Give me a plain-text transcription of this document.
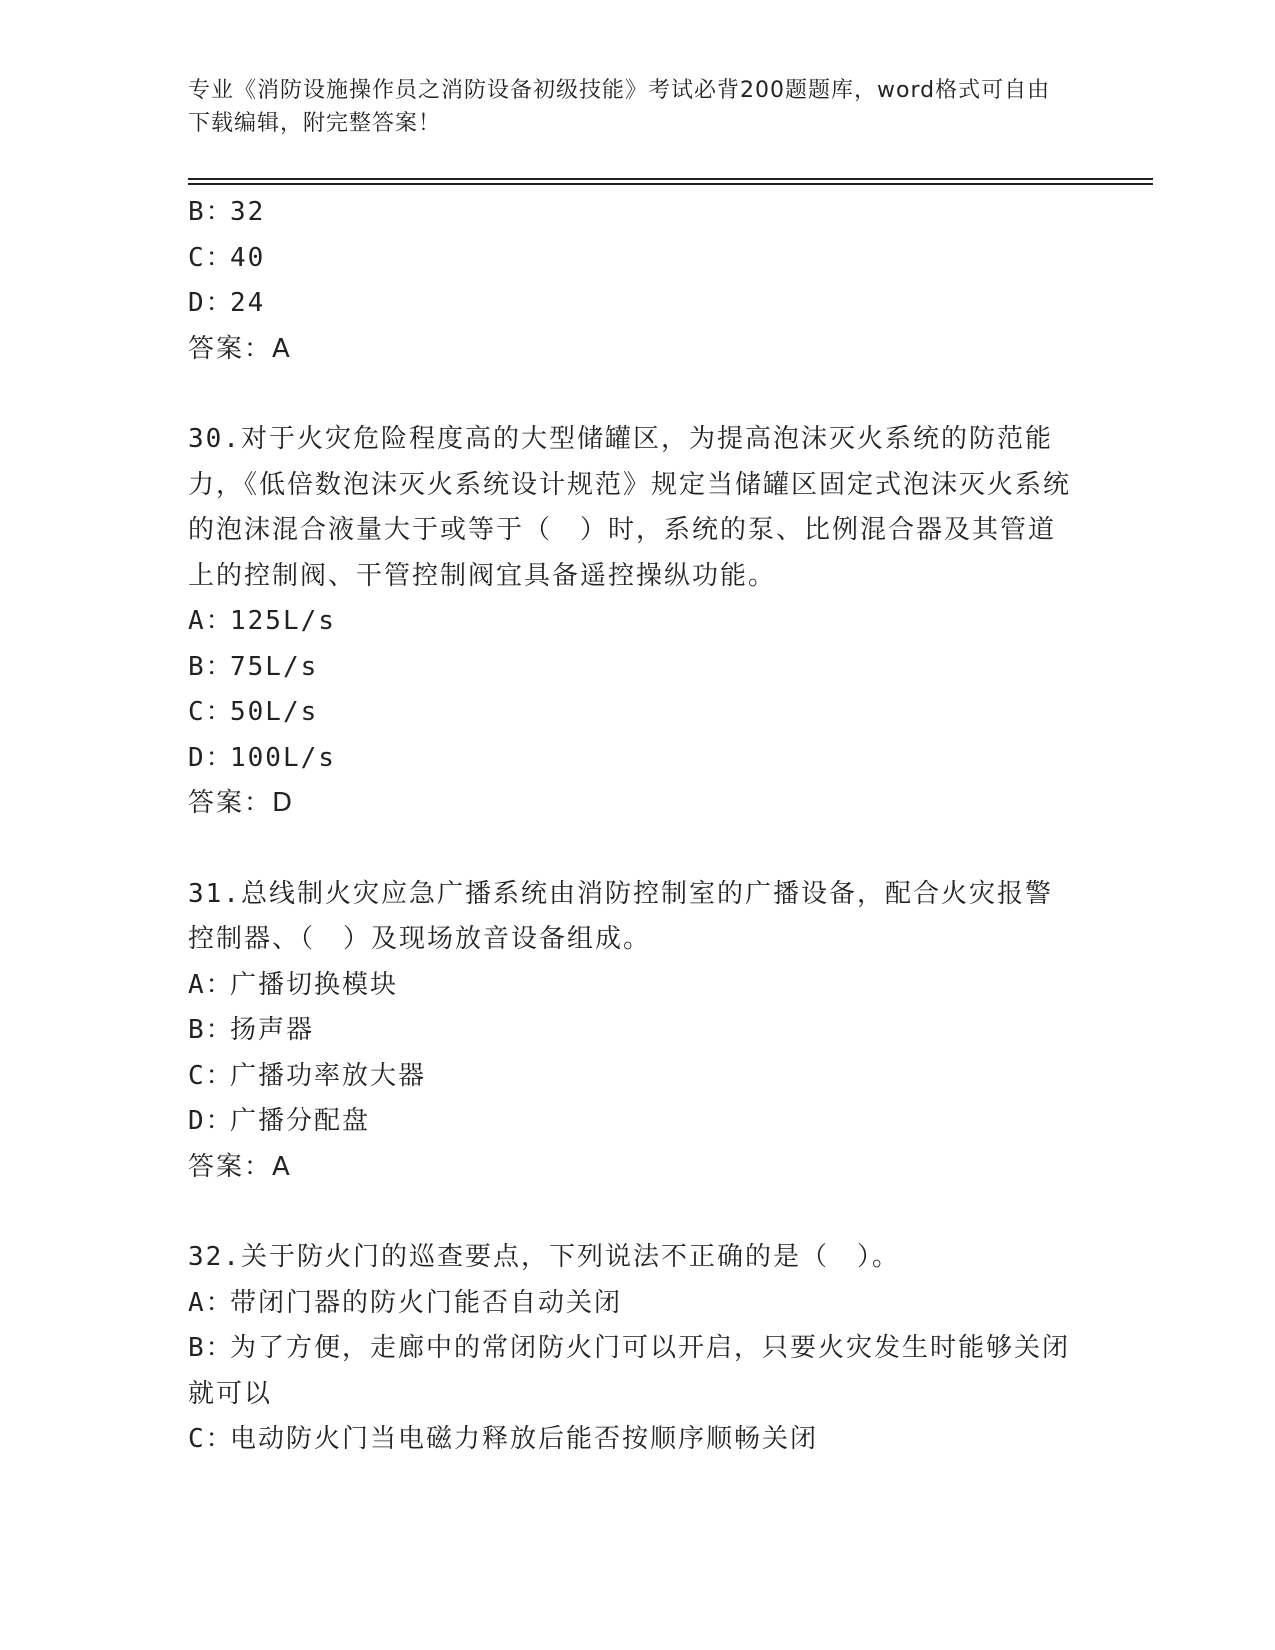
专业《消防设施操作员之消防设备初级技能》考试必背200题题库，word格式可自由下载编辑，附完整答案！
B：32
C：40
D：24
答案：A
30.对于火灾危险程度高的大型储罐区，为提高泡沫灭火系统的防范能力，《低倍数泡沫灭火系统设计规范》规定当储罐区固定式泡沫灭火系统的泡沫混合液量大于或等于（　）时，系统的泵、比例混合器及其管道上的控制阀、干管控制阀宜具备遥控操纵功能。
A：125L/s
B：75L/s
C：50L/s
D：100L/s
答案：D
31.总线制火灾应急广播系统由消防控制室的广播设备，配合火灾报警控制器、（　）及现场放音设备组成。
A：广播切换模块
B：扬声器
C：广播功率放大器
D：广播分配盘
答案：A
32.关于防火门的巡查要点，下列说法不正确的是（　）。
A：带闭门器的防火门能否自动关闭
B：为了方便，走廊中的常闭防火门可以开启，只要火灾发生时能够关闭就可以
C：电动防火门当电磁力释放后能否按顺序顺畅关闭
